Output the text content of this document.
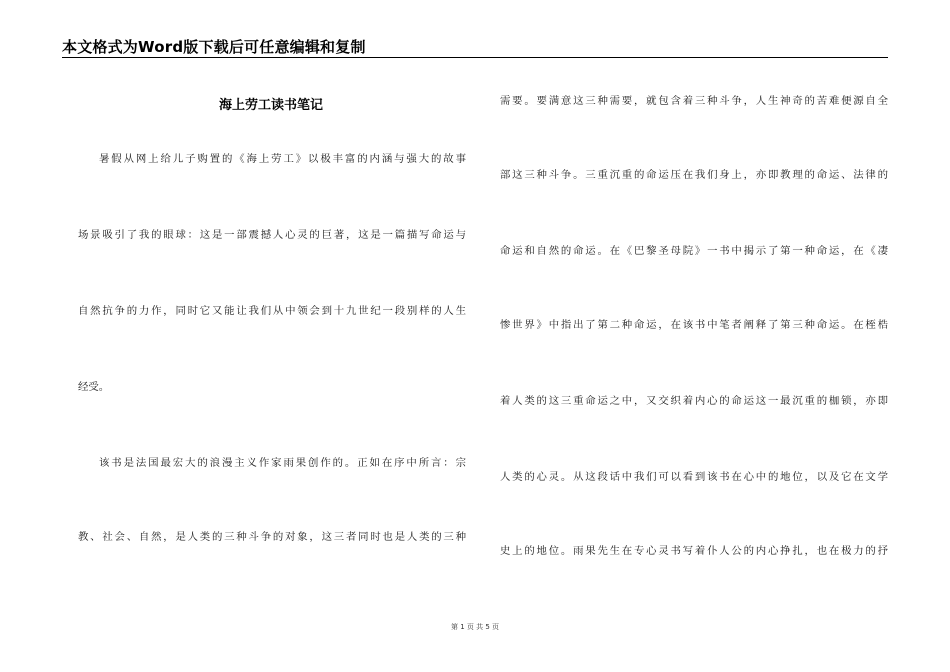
本文格式为Word版下载后可任意编辑和复制
海上劳工读书笔记
暑假从网上给儿子购置的《海上劳工》以极丰富的内涵与强大的故事
场景吸引了我的眼球：这是一部震撼人心灵的巨著，这是一篇描写命运与
自然抗争的力作，同时它又能让我们从中领会到十九世纪一段别样的人生
经受。
该书是法国最宏大的浪漫主义作家雨果创作的。正如在序中所言：宗
教、社会、自然，是人类的三种斗争的对象，这三者同时也是人类的三种
需要。要满意这三种需要，就包含着三种斗争，人生神奇的苦难便源自全
部这三种斗争。三重沉重的命运压在我们身上，亦即教理的命运、法律的
命运和自然的命运。在《巴黎圣母院》一书中揭示了第一种命运，在《凄
惨世界》中指出了第二种命运，在该书中笔者阐释了第三种命运。在桎梏
着人类的这三重命运之中，又交织着内心的命运这一最沉重的枷锁，亦即
人类的心灵。从这段话中我们可以看到该书在心中的地位，以及它在文学
史上的地位。雨果先生在专心灵书写着仆人公的内心挣扎，也在极力的抒
第 1 页 共 5 页
